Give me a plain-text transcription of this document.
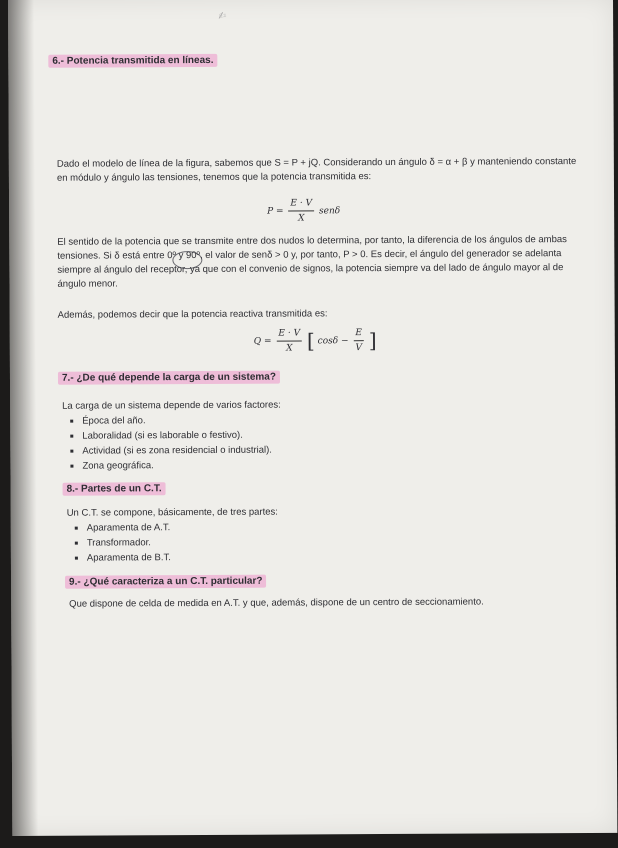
✍
6.- Potencia transmitida en líneas.

Dado el modelo de línea de la figura, sabemos que S = P + jQ. Considerando un ángulo δ = α + β y manteniendo constante en módulo y ángulo las tensiones, tenemos que la potencia transmitida es:

$P = \frac{E \cdot V}{X}$ senδ

El sentido de la potencia que se transmite entre dos nudos lo determina, por tanto, la diferencia de los ángulos de ambas tensiones. Si δ está entre 0º y 90º, el valor de senδ > 0 y, por tanto, P > 0. Es decir, el ángulo del generador se adelanta siempre al ángulo del receptor, ya que con el convenio de signos, la potencia siempre va del lado de ángulo mayor al de ángulo menor.

Además, podemos decir que la potencia reactiva transmitida es:

$Q = \frac{E \cdot V}{X}$ [ $\cos\delta - \frac{E}{V}$ ]
7.- ¿De qué depende la carga de un sistema?

La carga de un sistema depende de varios factores:

▪ Época del año.
▪ Laboralidad (si es laborable o festivo).
▪ Actividad (si es zona residencial o industrial).
▪ Zona geográfica.
8.- Partes de un C.T.

Un C.T. se compone, básicamente, de tres partes:

▪ Aparamenta de A.T.
▪ Transformador.
▪ Aparamenta de B.T.
9.- ¿Qué caracteriza a un C.T. particular?

Que dispone de celda de medida en A.T. y que, además, dispone de un centro de seccionamiento.
